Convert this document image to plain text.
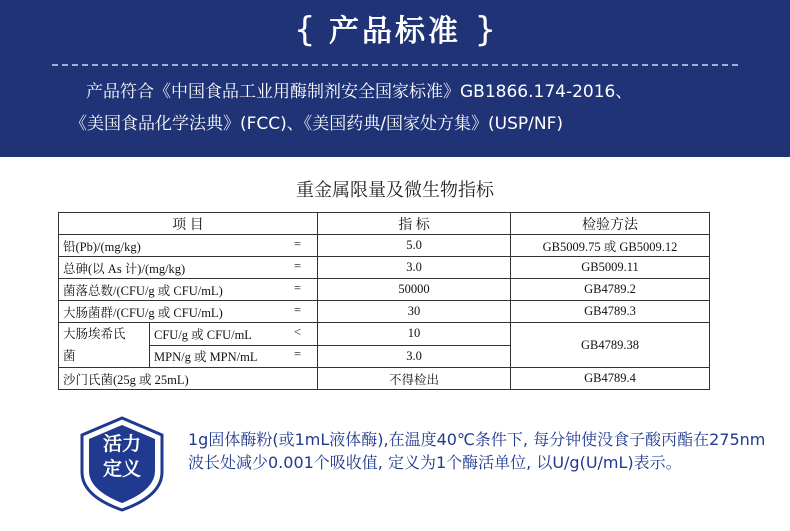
{ 产品标准 }
产品符合《中国食品工业用酶制剂安全国家标准》GB1866.174-2016、
《美国食品化学法典》(FCC)、《美国药典/国家处方集》(USP/NF)
重金属限量及微生物指标
项 目		指 标	检验方法
铅(Pb)/(mg/kg) =		5.0	GB5009.75 或 GB5009.12
总砷(以 As 计)/(mg/kg) =		3.0	GB5009.11
菌落总数/(CFU/g 或 CFU/mL) =		50000	GB4789.2
大肠菌群/(CFU/g 或 CFU/mL) =		30	GB4789.3
大肠埃希氏
菌	CFU/g 或 CFU/mL <	10	GB4789.38
	MPN/g 或 MPN/mL =	3.0	
沙门氏菌(25g 或 25mL)		不得检出	GB4789.4
活力
定义
1g固体酶粉(或1mL液体酶),在温度40℃条件下, 每分钟使没食子酸丙酯在275nm波长处减少0.001个吸收值, 定义为1个酶活单位, 以U/g(U/mL)表示。
